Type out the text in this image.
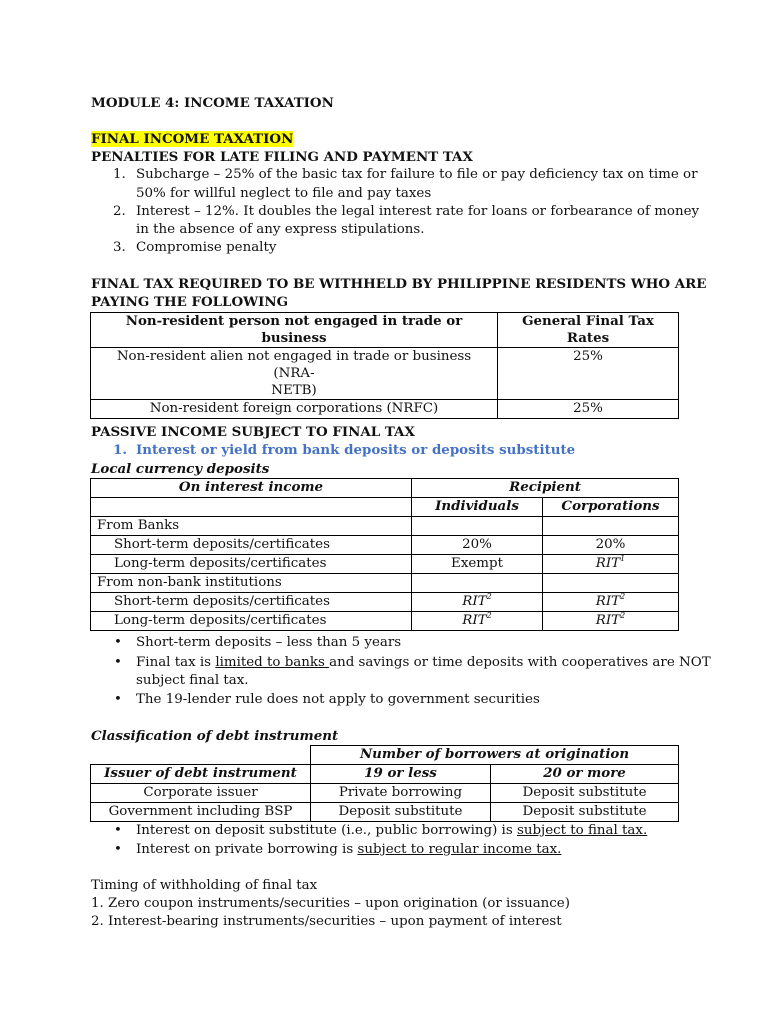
MODULE 4: INCOME TAXATION
FINAL INCOME TAXATION
PENALTIES FOR LATE FILING AND PAYMENT TAX
1. Subcharge – 25% of the basic tax for failure to file or pay deficiency tax on time or
50% for willful neglect to file and pay taxes
2. Interest – 12%. It doubles the legal interest rate for loans or forbearance of money
in the absence of any express stipulations.
3. Compromise penalty
FINAL TAX REQUIRED TO BE WITHHELD BY PHILIPPINE RESIDENTS WHO ARE
PAYING THE FOLLOWING
Non-resident person not engaged in trade or business	General Final Tax Rates

Non-resident alien not engaged in trade or business (NRA-
NETB)	25%
Non-resident foreign corporations (NRFC)	25%
PASSIVE INCOME SUBJECT TO FINAL TAX
1. Interest or yield from bank deposits or deposits substitute
Local currency deposits
On interest income	Recipient	
	Individuals	Corporations
From Banks		
Short-term deposits/certificates	20%	20%
Long-term deposits/certificates	Exempt	RIT$^1$
From non-bank institutions		
Short-term deposits/certificates	RIT$^2$	RIT$^2$
Long-term deposits/certificates	RIT$^2$	RIT$^2$
• Short-term deposits – less than 5 years
• Final tax is limited to banks and savings or time deposits with cooperatives are NOT
subject final tax.
• The 19-lender rule does not apply to government securities
Classification of debt instrument
	Number of borrowers at origination	
Issuer of debt instrument	19 or less	20 or more
Corporate issuer	Private borrowing	Deposit substitute
Government including BSP	Deposit substitute	Deposit substitute
• Interest on deposit substitute (i.e., public borrowing) is subject to final tax.
• Interest on private borrowing is subject to regular income tax.
Timing of withholding of final tax
1. Zero coupon instruments/securities – upon origination (or issuance)
2. Interest-bearing instruments/securities – upon payment of interest
